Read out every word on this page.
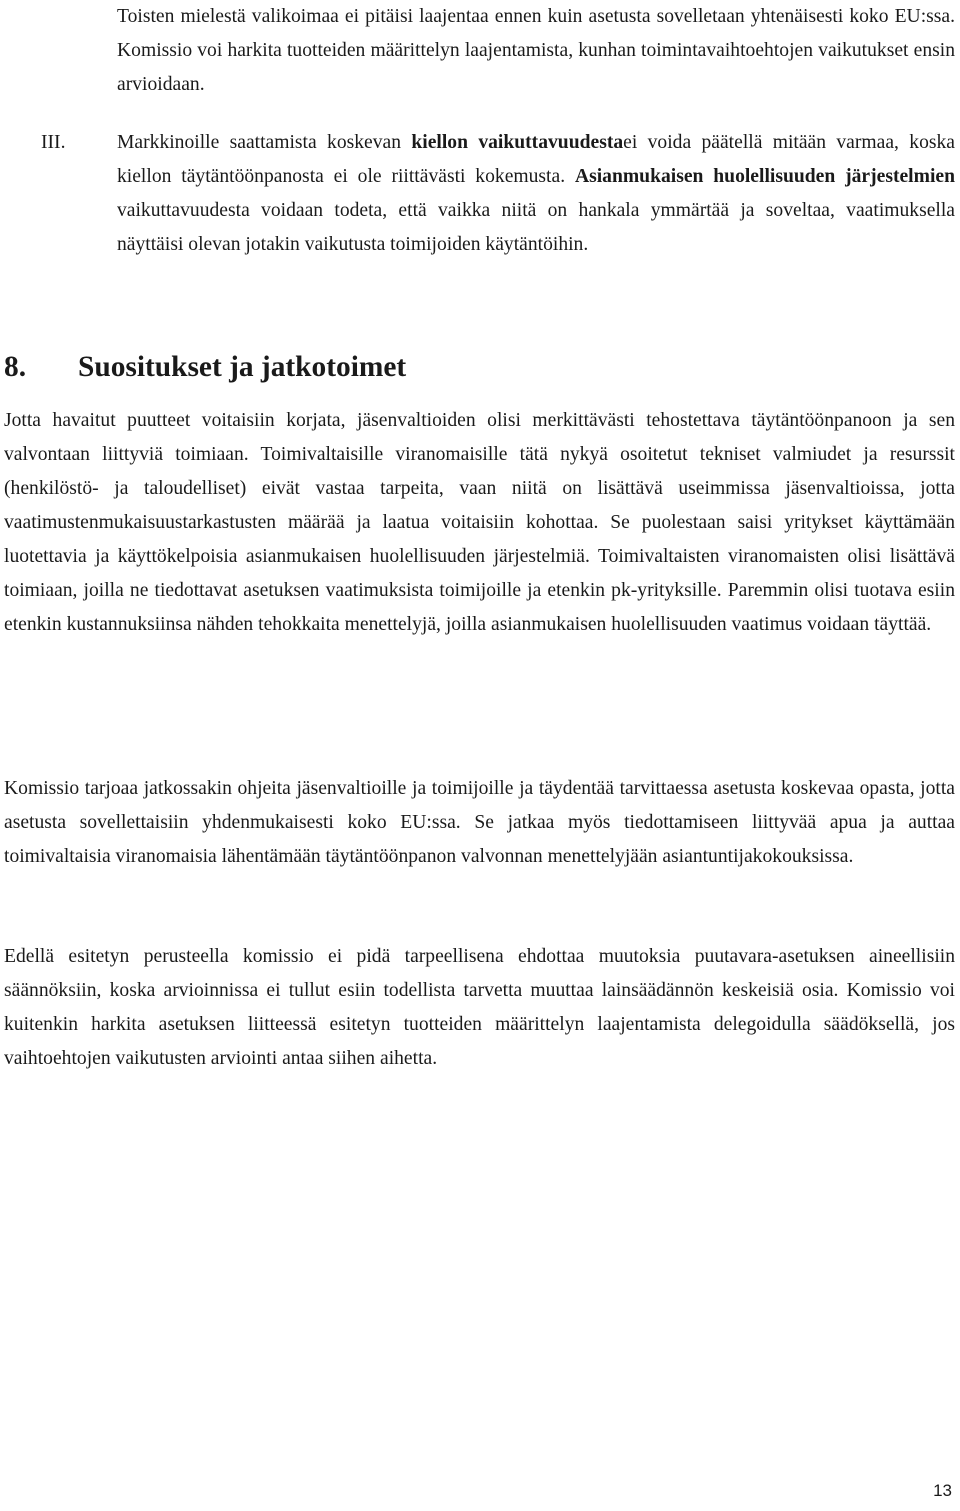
Toisten mielestä valikoimaa ei pitäisi laajentaa ennen kuin asetusta sovelletaan yhtenäisesti koko EU:ssa. Komissio voi harkita tuotteiden määrittelyn laajentamista, kunhan toimintavaihtoehtojen vaikutukset ensin arvioidaan.

III.	Markkinoille saattamista koskevan kiellon vaikuttavuudestaei voida päätellä mitään varmaa, koska kiellon täytäntöönpanosta ei ole riittävästi kokemusta. Asianmukaisen huolellisuuden järjestelmien vaikuttavuudesta voidaan todeta, että vaikka niitä on hankala ymmärtää ja soveltaa, vaatimuksella näyttäisi olevan jotakin vaikutusta toimijoiden käytäntöihin.

8. Suositukset ja jatkotoimet

Jotta havaitut puutteet voitaisiin korjata, jäsenvaltioiden olisi merkittävästi tehostettava täytäntöönpanoon ja sen valvontaan liittyviä toimiaan. Toimivaltaisille viranomaisille tätä nykyä osoitetut tekniset valmiudet ja resurssit (henkilöstö- ja taloudelliset) eivät vastaa tarpeita, vaan niitä on lisättävä useimmissa jäsenvaltioissa, jotta vaatimustenmukaisuustarkastusten määrää ja laatua voitaisiin kohottaa. Se puolestaan saisi yritykset käyttämään luotettavia ja käyttökelpoisia asianmukaisen huolellisuuden järjestelmiä. Toimivaltaisten viranomaisten olisi lisättävä toimiaan, joilla ne tiedottavat asetuksen vaatimuksista toimijoille ja etenkin pk-yrityksille. Paremmin olisi tuotava esiin etenkin kustannuksiinsa nähden tehokkaita menettelyjä, joilla asianmukaisen huolellisuuden vaatimus voidaan täyttää.

Komissio tarjoaa jatkossakin ohjeita jäsenvaltioille ja toimijoille ja täydentää tarvittaessa asetusta koskevaa opasta, jotta asetusta sovellettaisiin yhdenmukaisesti koko EU:ssa. Se jatkaa myös tiedottamiseen liittyvää apua ja auttaa toimivaltaisia viranomaisia lähentämään täytäntöönpanon valvonnan menettelyjään asiantuntijakokouksissa.

Edellä esitetyn perusteella komissio ei pidä tarpeellisena ehdottaa muutoksia puutavara-asetuksen aineellisiin säännöksiin, koska arvioinnissa ei tullut esiin todellista tarvetta muuttaa lainsäädännön keskeisiä osia. Komissio voi kuitenkin harkita asetuksen liitteessä esitetyn tuotteiden määrittelyn laajentamista delegoidulla säädöksellä, jos vaihtoehtojen vaikutusten arviointi antaa siihen aihetta.

13
